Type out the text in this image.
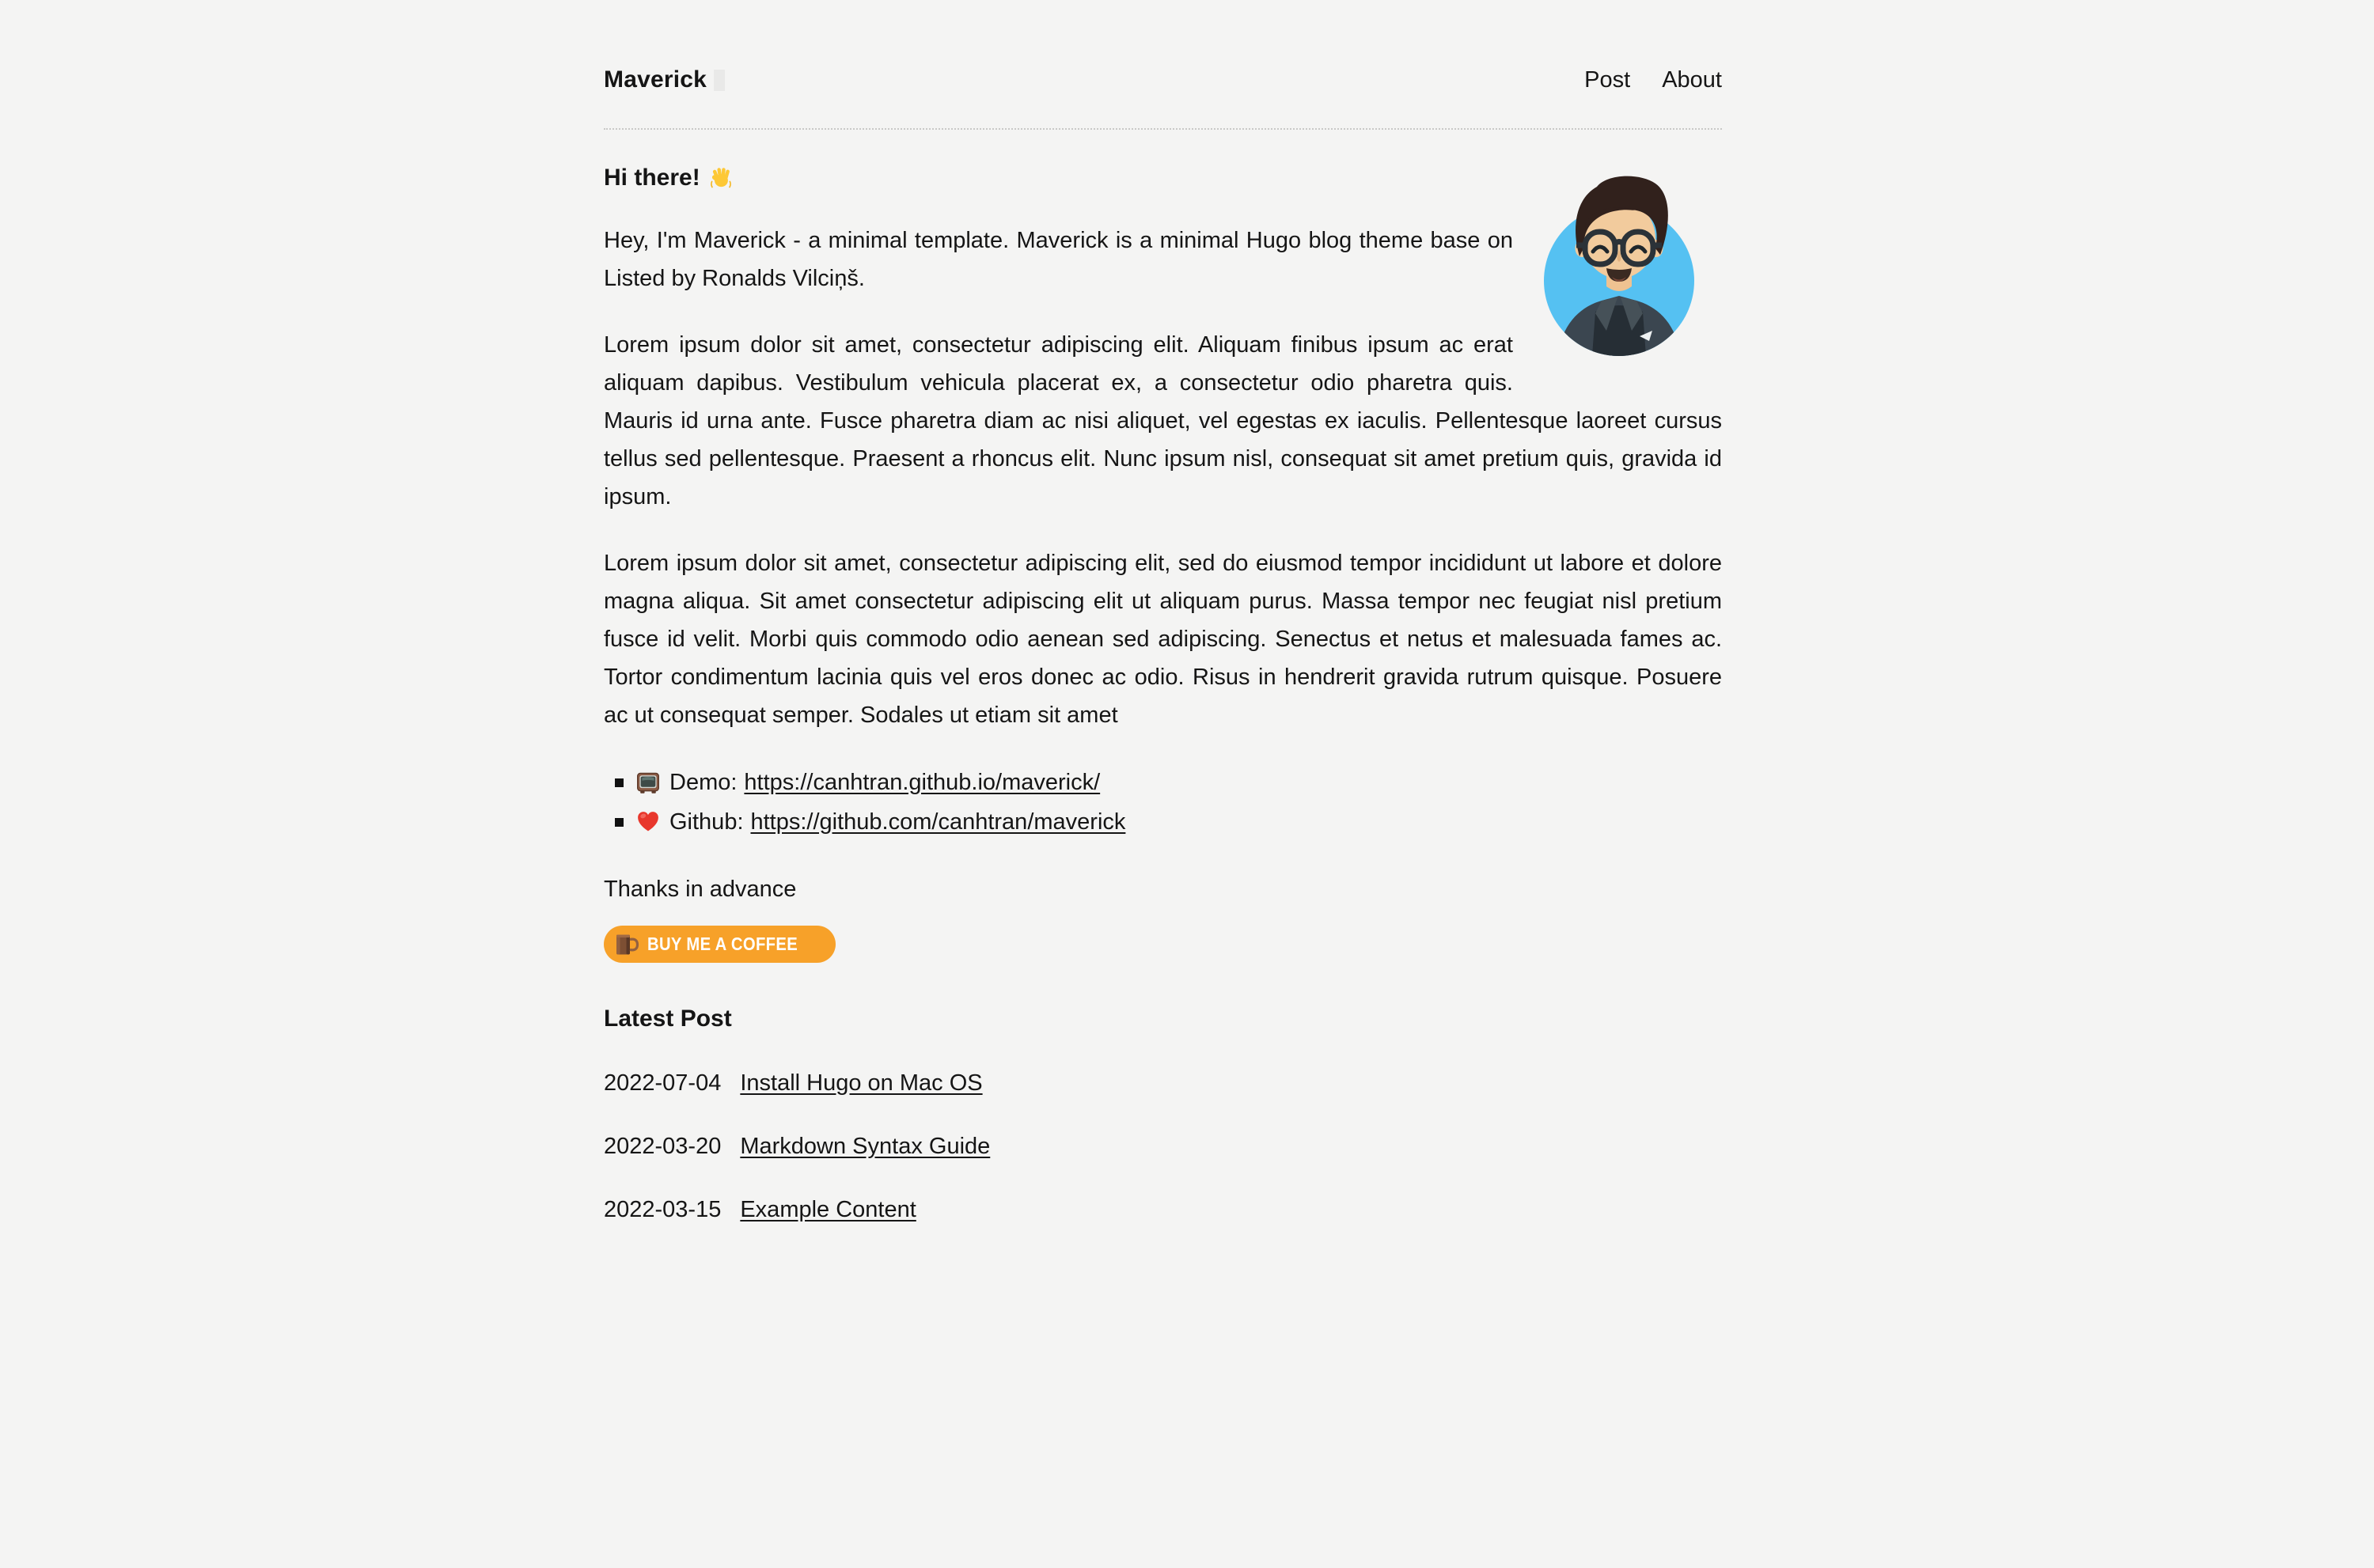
Maverick	Post About
Hi there!

Hey, I'm Maverick - a minimal template. Maverick is a minimal Hugo blog theme base on Listed by Ronalds Vilciņš.

Lorem ipsum dolor sit amet, consectetur adipiscing elit. Aliquam finibus ipsum ac erat aliquam dapibus. Vestibulum vehicula placerat ex, a consectetur odio pharetra quis. Mauris id urna ante. Fusce pharetra diam ac nisi aliquet, vel egestas ex iaculis. Pellentesque laoreet cursus tellus sed pellentesque. Praesent a rhoncus elit. Nunc ipsum nisl, consequat sit amet pretium quis, gravida id ipsum.

Lorem ipsum dolor sit amet, consectetur adipiscing elit, sed do eiusmod tempor incididunt ut labore et dolore magna aliqua. Sit amet consectetur adipiscing elit ut aliquam purus. Massa tempor nec feugiat nisl pretium fusce id velit. Morbi quis commodo odio aenean sed adipiscing. Senectus et netus et malesuada fames ac. Tortor condimentum lacinia quis vel eros donec ac odio. Risus in hendrerit gravida rutrum quisque. Posuere ac ut consequat semper. Sodales ut etiam sit amet

Demo: https://canhtran.github.io/maverick/
Github: https://github.com/canhtran/maverick

Thanks in advance

BUY ME A COFFEE
Latest Post
2022-07-04 Install Hugo on Mac OS
2022-03-20 Markdown Syntax Guide
2022-03-15 Example Content
